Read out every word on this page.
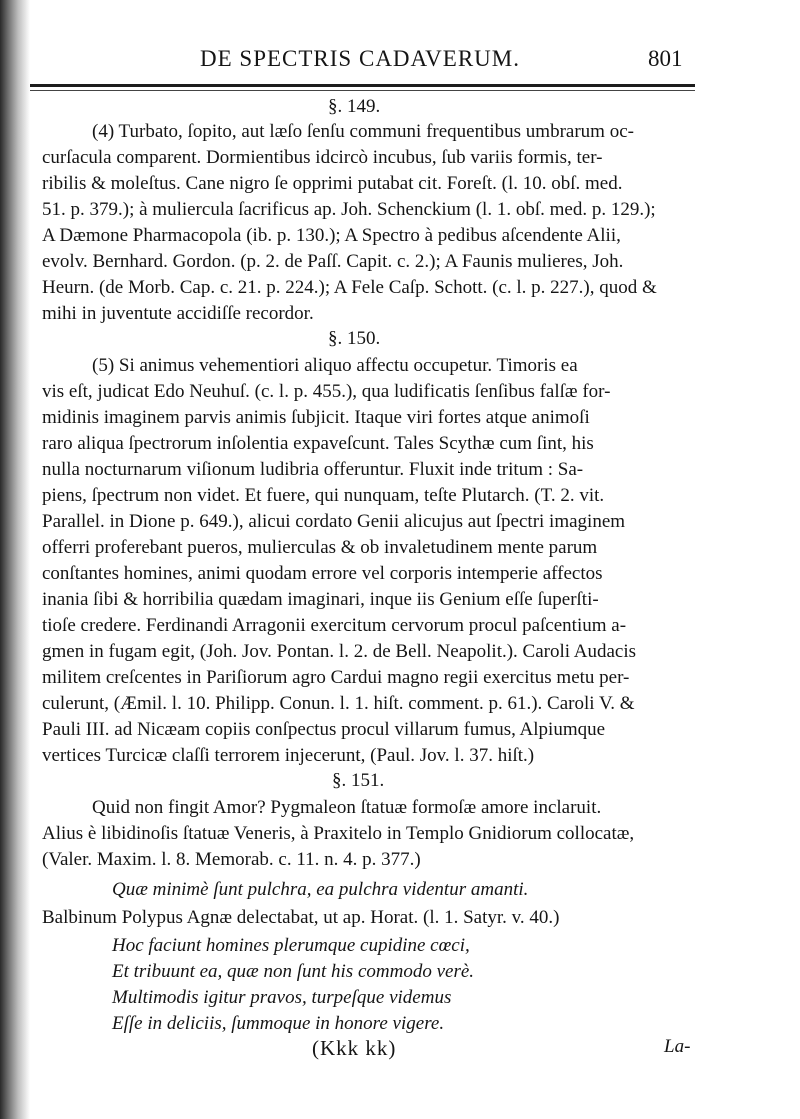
DE SPECTRIS CADAVERUM.	801
§. 149.
(4) Turbato, ſopito, aut læſo ſenſu communi frequentibus umbrarum oc-
curſacula comparent. Dormientibus idcircò incubus, ſub variis formis, ter-
ribilis & moleſtus. Cane nigro ſe opprimi putabat cit. Foreſt. (l. 10. obſ. med.
51. p. 379.); à muliercula ſacrificus ap. Joh. Schenckium (l. 1. obſ. med. p. 129.);
A Dæmone Pharmacopola (ib. p. 130.); A Spectro à pedibus aſcendente Alii,
evolv. Bernhard. Gordon. (p. 2. de Paſſ. Capit. c. 2.); A Faunis mulieres, Joh.
Heurn. (de Morb. Cap. c. 21. p. 224.); A Fele Caſp. Schott. (c. l. p. 227.), quod &
mihi in juventute accidiſſe recordor.
§. 150.
(5) Si animus vehementiori aliquo affectu occupetur. Timoris ea
vis eſt, judicat Edo Neuhuſ. (c. l. p. 455.), qua ludificatis ſenſibus falſæ for-
midinis imaginem parvis animis ſubjicit. Itaque viri fortes atque animoſi
raro aliqua ſpectrorum inſolentia expaveſcunt. Tales Scythæ cum ſint, his
nulla nocturnarum viſionum ludibria offeruntur. Fluxit inde tritum : Sa-
piens, ſpectrum non videt. Et fuere, qui nunquam, teſte Plutarch. (T. 2. vit.
Parallel. in Dione p. 649.), alicui cordato Genii alicujus aut ſpectri imaginem
offerri proferebant pueros, mulierculas & ob invaletudinem mente parum
conſtantes homines, animi quodam errore vel corporis intemperie affectos
inania ſibi & horribilia quædam imaginari, inque iis Genium eſſe ſuperſti-
tioſe credere. Ferdinandi Arragonii exercitum cervorum procul paſcentium a-
gmen in fugam egit, (Joh. Jov. Pontan. l. 2. de Bell. Neapolit.). Caroli Audacis
militem creſcentes in Pariſiorum agro Cardui magno regii exercitus metu per-
culerunt, (Æmil. l. 10. Philipp. Conun. l. 1. hiſt. comment. p. 61.). Caroli V. &
Pauli III. ad Nicæam copiis conſpectus procul villarum fumus, Alpiumque
vertices Turcicæ claſſi terrorem injecerunt, (Paul. Jov. l. 37. hiſt.)
§. 151.
Quid non fingit Amor? Pygmaleon ſtatuæ formoſæ amore inclaruit.
Alius è libidinoſis ſtatuæ Veneris, à Praxitelo in Templo Gnidiorum collocatæ,
(Valer. Maxim. l. 8. Memorab. c. 11. n. 4. p. 377.)
Quæ minimè ſunt pulchra, ea pulchra videntur amanti.
Balbinum Polypus Agnæ delectabat, ut ap. Horat. (l. 1. Satyr. v. 40.)
Hoc faciunt homines plerumque cupidine cœci,
Et tribuunt ea, quæ non ſunt his commodo verè.
Multimodis igitur pravos, turpeſque videmus
Eſſe in deliciis, ſummoque in honore vigere.
(Kkk kk)	La-
